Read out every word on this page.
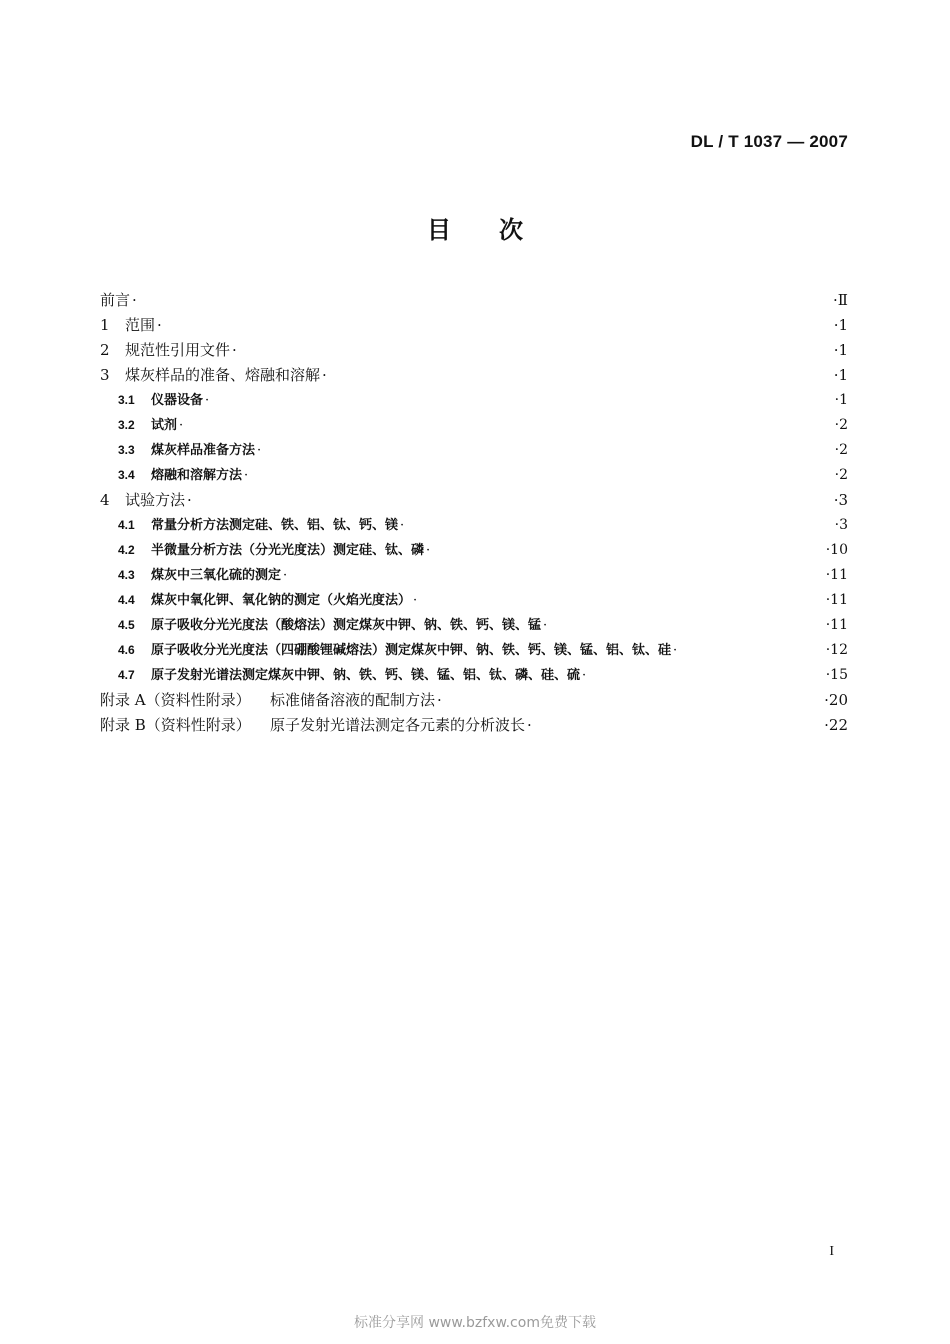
DL / T 1037 — 2007
目 次
前言 ·	·Ⅱ
1	范围 ·	·1
2	规范性引用文件 ·	·1
3	煤灰样品的准备、熔融和溶解 ·	·1
3.1	仪器设备 ·	·1
3.2	试剂 ·	·2
3.3	煤灰样品准备方法 ·	·2
3.4	熔融和溶解方法 ·	·2
4	试验方法 ·	·3
4.1	常量分析方法测定硅、铁、铝、钛、钙、镁 ·	·3
4.2	半微量分析方法（分光光度法）测定硅、钛、磷 ·	·10
4.3	煤灰中三氧化硫的测定 ·	·11
4.4	煤灰中氧化钾、氧化钠的测定（火焰光度法） ·	·11
4.5	原子吸收分光光度法（酸熔法）测定煤灰中钾、钠、铁、钙、镁、锰 ·	·11
4.6	原子吸收分光光度法（四硼酸锂碱熔法）测定煤灰中钾、钠、铁、钙、镁、锰、铝、钛、硅 ·	·12
4.7	原子发射光谱法测定煤灰中钾、钠、铁、钙、镁、锰、铝、钛、磷、硅、硫 ·	·15
附录 A（资料性附录）	标准储备溶液的配制方法 ·	·20
附录 B（资料性附录）	原子发射光谱法测定各元素的分析波长 ·	·22
I
标准分享网 www.bzfxw.com免费下载
